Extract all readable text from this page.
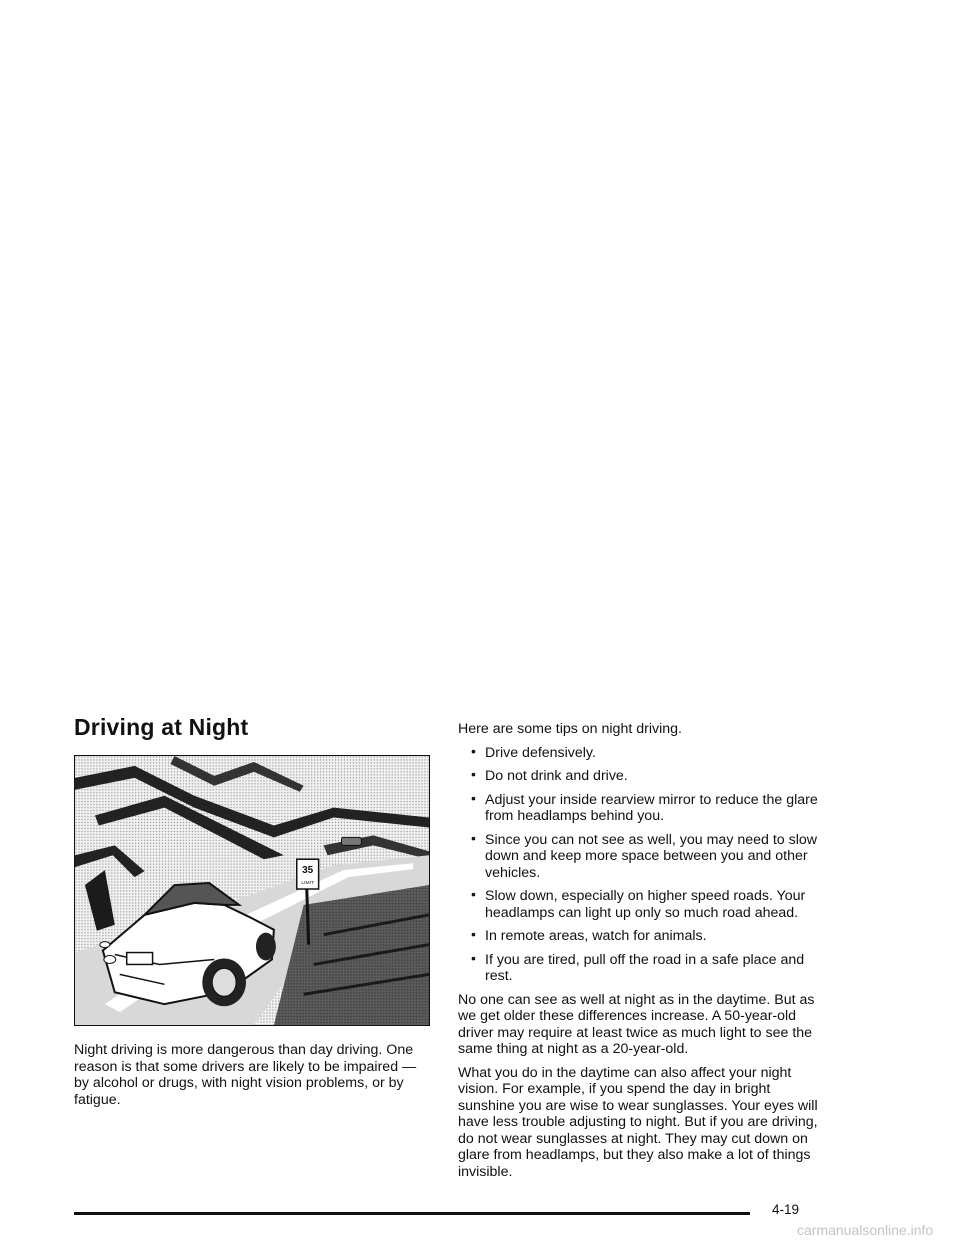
Driving at Night
35
LIMIT

Night driving is more dangerous than day driving. One reason is that some drivers are likely to be impaired — by alcohol or drugs, with night vision problems, or by fatigue.

Here are some tips on night driving.

• Drive defensively.
• Do not drink and drive.
• Adjust your inside rearview mirror to reduce the glare from headlamps behind you.
• Since you can not see as well, you may need to slow down and keep more space between you and other vehicles.
• Slow down, especially on higher speed roads. Your headlamps can light up only so much road ahead.
• In remote areas, watch for animals.
• If you are tired, pull off the road in a safe place and rest.

No one can see as well at night as in the daytime. But as we get older these differences increase. A 50-year-old driver may require at least twice as much light to see the same thing at night as a 20-year-old.

What you do in the daytime can also affect your night vision. For example, if you spend the day in bright sunshine you are wise to wear sunglasses. Your eyes will have less trouble adjusting to night. But if you are driving, do not wear sunglasses at night. They may cut down on glare from headlamps, but they also make a lot of things invisible.

4-19
carmanualsonline.info
